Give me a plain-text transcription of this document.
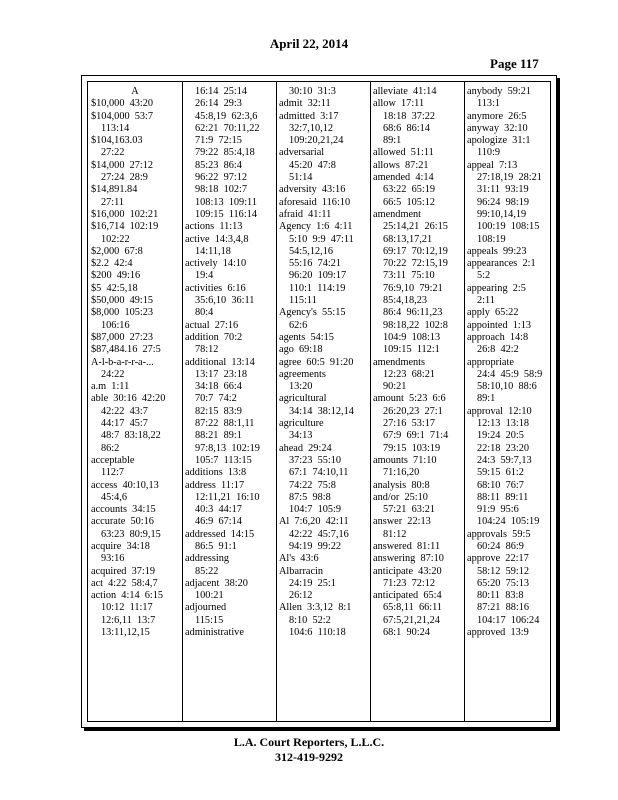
April 22, 2014
Page 117
A
$10,000  43:20
$104,000  53:7
113:14
$104,163.03
27:22
$14,000  27:12
27:24  28:9
$14,891.84
27:11
$16,000  102:21
$16,714  102:19
102:22
$2,000  67:8
$2.2  42:4
$200  49:16
$5  42:5,18
$50,000  49:15
$8,000  105:23
106:16
$87,000  27:23
$87,484.16  27:5
A-l-b-a-r-r-a-...
24:22
a.m  1:11
able  30:16  42:20
42:22  43:7
44:17  45:7
48:7  83:18,22
86:2
acceptable
112:7
access  40:10,13
45:4,6
accounts  34:15
accurate  50:16
63:23  80:9,15
acquire  34:18
93:16
acquired  37:19
act  4:22  58:4,7
action  4:14  6:15
10:12  11:17
12:6,11  13:7
13:11,12,15
16:14  25:14
26:14  29:3
45:8,19  62:3,6
62:21  70:11,22
71:9  72:15
79:22  85:4,18
85:23  86:4
96:22  97:12
98:18  102:7
108:13  109:11
109:15  116:14
actions  11:13
active  14:3,4,8
14:11,18
actively  14:10
19:4
activities  6:16
35:6,10  36:11
80:4
actual  27:16
addition  70:2
78:12
additional  13:14
13:17  23:18
34:18  66:4
70:7  74:2
82:15  83:9
87:22  88:1,11
88:21  89:1
97:8,13  102:19
105:7  113:15
additions  13:8
address  11:17
12:11,21  16:10
40:3  44:17
46:9  67:14
addressed  14:15
86:5  91:1
addressing
85:22
adjacent  38:20
100:21
adjourned
115:15
administrative
30:10  31:3
admit  32:11
admitted  3:17
32:7,10,12
109:20,21,24
adversarial
45:20  47:8
51:14
adversity  43:16
aforesaid  116:10
afraid  41:11
Agency  1:6  4:11
5:10  9:9  47:11
54:5,12,16
55:16  74:21
96:20  109:17
110:1  114:19
115:11
Agency's  55:15
62:6
agents  54:15
ago  69:18
agree  60:5  91:20
agreements
13:20
agricultural
34:14  38:12,14
agriculture
34:13
ahead  29:24
37:23  55:10
67:1  74:10,11
74:22  75:8
87:5  98:8
104:7  105:9
Al  7:6,20  42:11
42:22  45:7,16
94:19  99:22
Al's  43:6
Albarracin
24:19  25:1
26:12
Allen  3:3,12  8:1
8:10  52:2
104:6  110:18
alleviate  41:14
allow  17:11
18:18  37:22
68:6  86:14
89:1
allowed  51:11
allows  87:21
amended  4:14
63:22  65:19
66:5  105:12
amendment
25:14,21  26:15
68:13,17,21
69:17  70:12,19
70:22  72:15,19
73:11  75:10
76:9,10  79:21
85:4,18,23
86:4  96:11,23
98:18,22  102:8
104:9  108:13
109:15  112:1
amendments
12:23  68:21
90:21
amount  5:23  6:6
26:20,23  27:1
27:16  53:17
67:9  69:1  71:4
79:15  103:19
amounts  71:10
71:16,20
analysis  80:8
and/or  25:10
57:21  63:21
answer  22:13
81:12
answered  81:11
answering  87:10
anticipate  43:20
71:23  72:12
anticipated  65:4
65:8,11  66:11
67:5,21,21,24
68:1  90:24
anybody  59:21
113:1
anymore  26:5
anyway  32:10
apologize  31:1
110:9
appeal  7:13
27:18,19  28:21
31:11  93:19
96:24  98:19
99:10,14,19
100:19  108:15
108:19
appeals  99:23
appearances  2:1
5:2
appearing  2:5
2:11
apply  65:22
appointed  1:13
approach  14:8
26:8  42:2
appropriate
24:4  45:9  58:9
58:10,10  88:6
89:1
approval  12:10
12:13  13:18
19:24  20:5
22:18  23:20
24:3  59:7,13
59:15  61:2
68:10  76:7
88:11  89:11
91:9  95:6
104:24  105:19
approvals  59:5
60:24  86:9
approve  22:17
58:12  59:12
65:20  75:13
80:11  83:8
87:21  88:16
104:17  106:24
approved  13:9
L.A. Court Reporters, L.L.C.
312-419-9292
